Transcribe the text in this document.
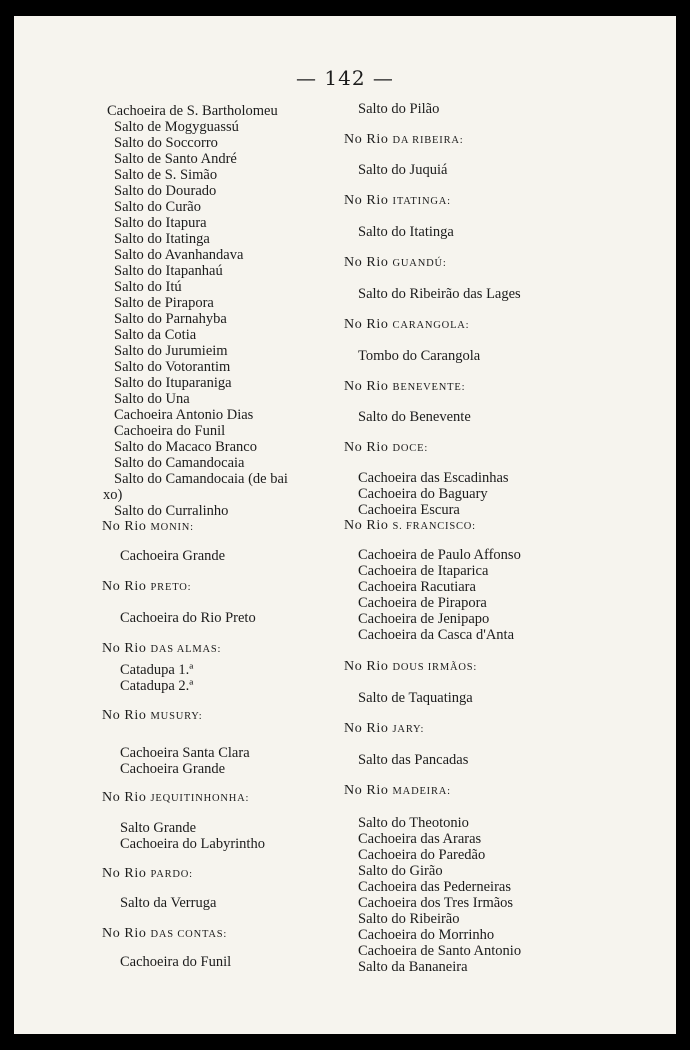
— 142 —
Cachoeira de S. Bartholomeu
Salto de Mogyguassú
Salto do Soccorro
Salto de Santo André
Salto de S. Simão
Salto do Dourado
Salto do Curão
Salto do Itapura
Salto do Itatinga
Salto do Avanhandava
Salto do Itapanhaú
Salto do Itú
Salto de Pirapora
Salto do Parnahyba
Salto da Cotia
Salto do Jurumieim
Salto do Votorantim
Salto do Ituparaniga
Salto do Una
Cachoeira Antonio Dias
Cachoeira do Funil
Salto do Macaco Branco
Salto do Camandocaia
Salto do Camandocaia (de bai
xo)
Salto do Curralinho
No Rio MONIN:
Cachoeira Grande
No Rio PRETO:
Cachoeira do Rio Preto
No Rio DAS ALMAS:
Catadupa 1.ª
Catadupa 2.ª
No Rio MUSURY:
Cachoeira Santa Clara
Cachoeira Grande
No Rio JEQUITINHONHA:
Salto Grande
Cachoeira do Labyrintho
No Rio PARDO:
Salto da Verruga
No Rio DAS CONTAS:
Cachoeira do Funil
Salto do Pilão
No Rio DA RIBEIRA:
Salto do Juquiá
No Rio ITATINGA:
Salto do Itatinga
No Rio GUANDÚ:
Salto do Ribeirão das Lages
No Rio CARANGOLA:
Tombo do Carangola
No Rio BENEVENTE:
Salto do Benevente
No Rio DOCE:
Cachoeira das Escadinhas
Cachoeira do Baguary
Cachoeira Escura
No Rio S. FRANCISCO:
Cachoeira de Paulo Affonso
Cachoeira de Itaparica
Cachoeira Racutiara
Cachoeira de Pirapora
Cachoeira de Jenipapo
Cachoeira da Casca d'Anta
No Rio DOUS IRMÃOS:
Salto de Taquatinga
No Rio JARY:
Salto das Pancadas
No Rio MADEIRA:
Salto do Theotonio
Cachoeira das Araras
Cachoeira do Paredão
Salto do Girão
Cachoeira das Pederneiras
Cachoeira dos Tres Irmãos
Salto do Ribeirão
Cachoeira do Morrinho
Cachoeira de Santo Antonio
Salto da Bananeira
